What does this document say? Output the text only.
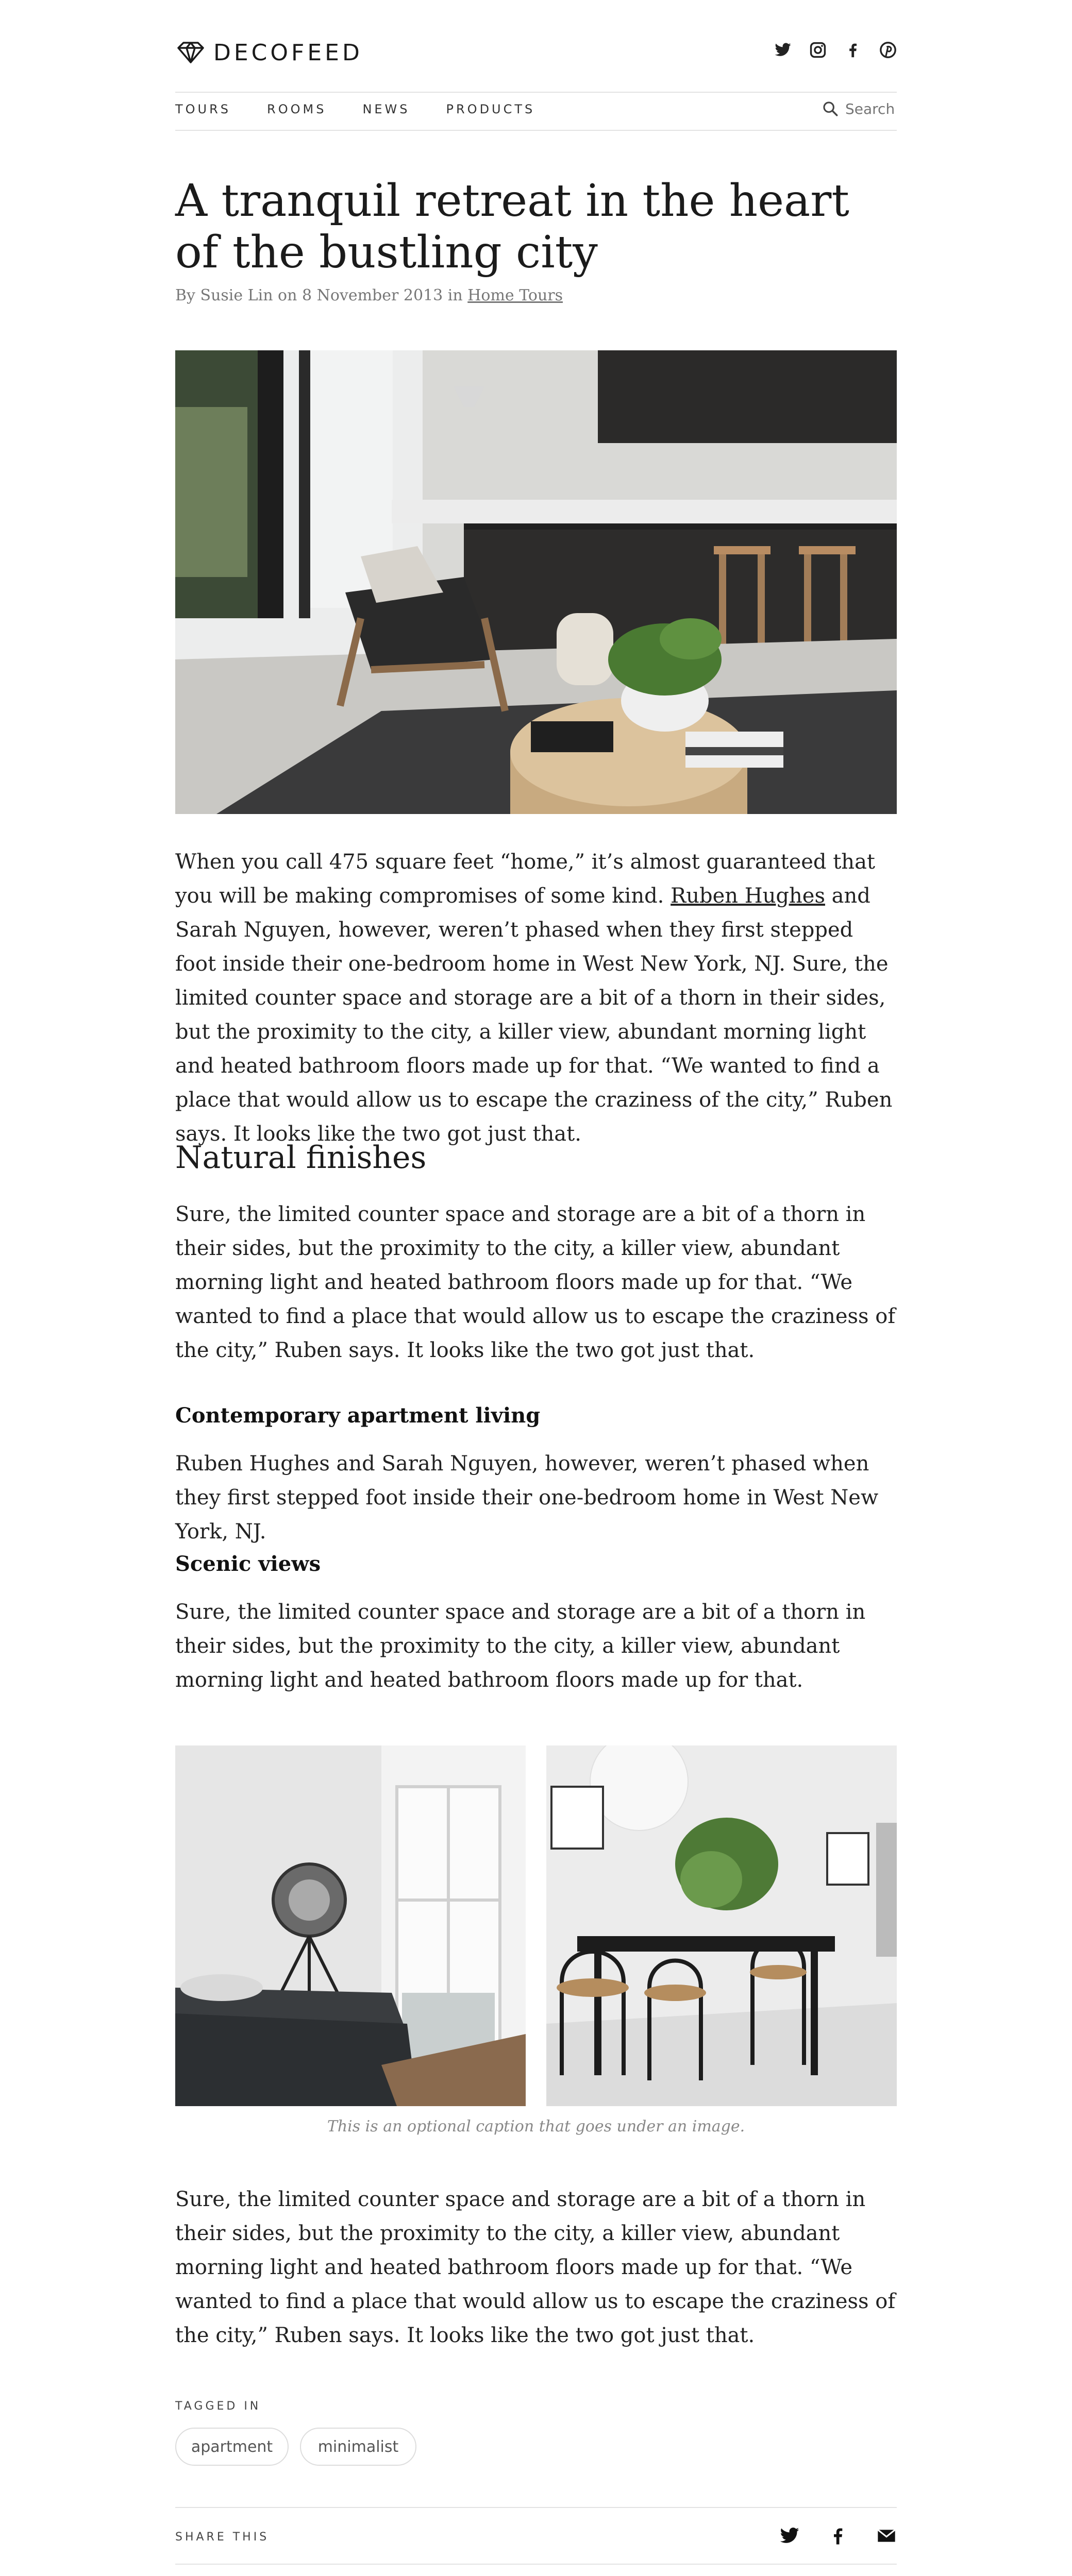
DECOFEED
TOURS	ROOMS	NEWS	PRODUCTS
Search
A tranquil retreat in the heart of the bustling city
By Susie Lin on 8 November 2013 in Home Tours

When you call 475 square feet “home,” it’s almost guaranteed that you will be making compromises of some kind. Ruben Hughes and Sarah Nguyen, however, weren’t phased when they first stepped foot inside their one-bedroom home in West New York, NJ. Sure, the limited counter space and storage are a bit of a thorn in their sides, but the proximity to the city, a killer view, abundant morning light and heated bathroom floors made up for that. “We wanted to find a place that would allow us to escape the craziness of the city,” Ruben says. It looks like the two got just that.

Natural finishes

Sure, the limited counter space and storage are a bit of a thorn in their sides, but the proximity to the city, a killer view, abundant morning light and heated bathroom floors made up for that. “We wanted to find a place that would allow us to escape the craziness of the city,” Ruben says. It looks like the two got just that.

Contemporary apartment living

Ruben Hughes and Sarah Nguyen, however, weren’t phased when they first stepped foot inside their one-bedroom home in West New York, NJ.

Scenic views

Sure, the limited counter space and storage are a bit of a thorn in their sides, but the proximity to the city, a killer view, abundant morning light and heated bathroom floors made up for that.

This is an optional caption that goes under an image.

Sure, the limited counter space and storage are a bit of a thorn in their sides, but the proximity to the city, a killer view, abundant morning light and heated bathroom floors made up for that. “We wanted to find a place that would allow us to escape the craziness of the city,” Ruben says. It looks like the two got just that.

TAGGED IN
apartment	minimalist
SHARE THIS
